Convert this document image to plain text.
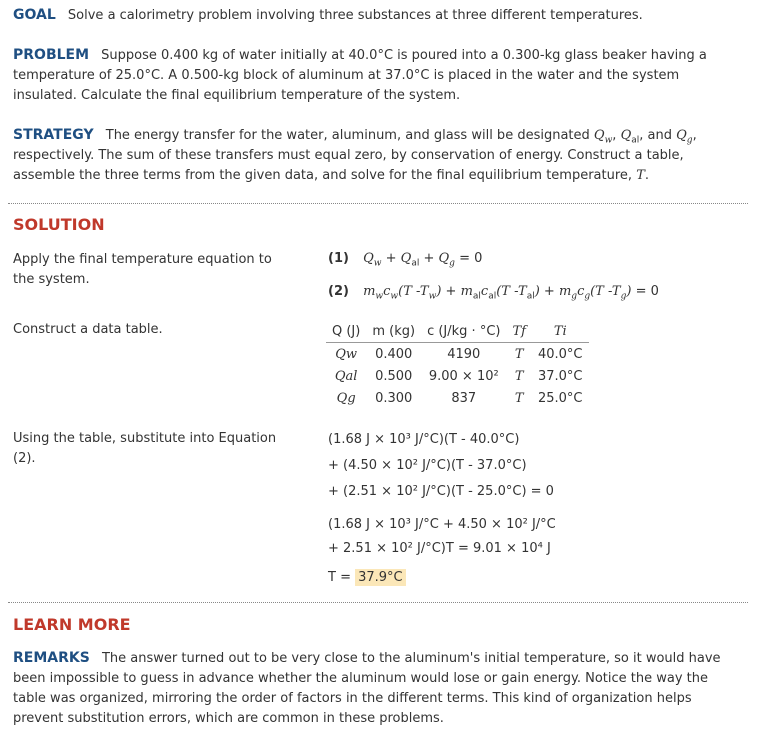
GOAL Solve a calorimetry problem involving three substances at three different temperatures.
PROBLEM Suppose 0.400 kg of water initially at 40.0°C is poured into a 0.300-kg glass beaker having a temperature of 25.0°C. A 0.500-kg block of aluminum at 37.0°C is placed in the water and the system insulated. Calculate the final equilibrium temperature of the system.
STRATEGY The energy transfer for the water, aluminum, and glass will be designated $Q_w$, $Q_{al}$, and $Q_g$, respectively. The sum of these transfers must equal zero, by conservation of energy. Construct a table, assemble the three terms from the given data, and solve for the final equilibrium temperature, T.
SOLUTION
Apply the final temperature equation to the system.
(1) $Q_w + Q_{al} + Q_g = 0$
(2) $m_wc_w(T$ $-T_w) + m_{al}c_{al}(T$ $-T_{al}) + m_gc_g(T$ $-T_g) = 0$
Construct a data table.	Q (J)	m (kg)	c (J/kg · °C)	Tf	Ti
Qw	0.400	4190	T	40.0°C
Qal	0.500	9.00 × 10²	T	37.0°C
Qg	0.300	837	T	25.0°C
Using the table, substitute into Equation (2).
(1.68 J × 10³ J/°C)(T - 40.0°C)
+ (4.50 × 10² J/°C)(T - 37.0°C)
+ (2.51 × 10² J/°C)(T - 25.0°C) = 0
(1.68 J × 10³ J/°C + 4.50 × 10² J/°C
+ 2.51 × 10² J/°C)T = 9.01 × 10⁴ J
T = 37.9°C
LEARN MORE
REMARKS The answer turned out to be very close to the aluminum's initial temperature, so it would have been impossible to guess in advance whether the aluminum would lose or gain energy. Notice the way the table was organized, mirroring the order of factors in the different terms. This kind of organization helps prevent substitution errors, which are common in these problems.
